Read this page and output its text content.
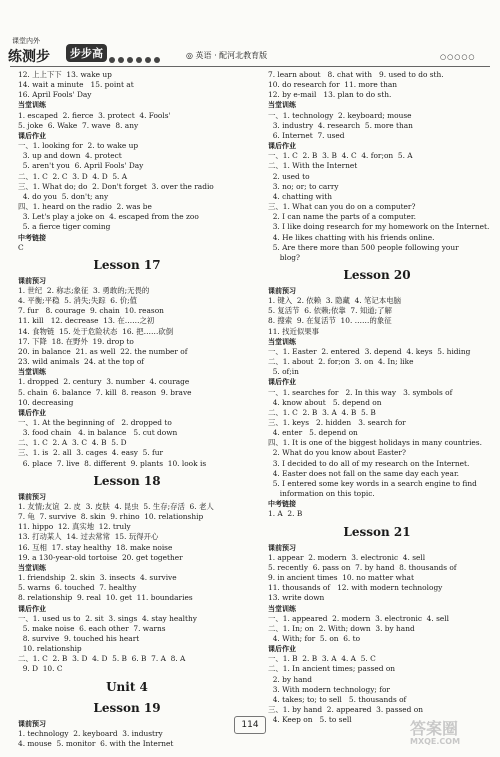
课堂内外
练测步	步步高	◎ 英语 · 配河北教育版	○○○○○
12. 上上下下  13. wake up
14. wait a minute   15. point at
16. April Fools' Day
当堂训练
1. escaped  2. fierce  3. protect  4. Fools'
5. joke  6. Wake  7. wave  8. any
课后作业
一、1. looking for  2. to wake up
3. up and down  4. protect
5. aren't you  6. April Fools' Day
二、1. C  2. C  3. D  4. D  5. A
三、1. What do; do  2. Don't forget  3. over the radio
4. do you  5. don't; any
四、1. heard on the radio  2. was be
3. Let's play a joke on  4. escaped from the zoo
5. a fierce tiger coming
中考链接
C
Lesson 17
课前预习
1. 世纪  2. 称志;象征  3. 勇敢的;无畏的
4. 平衡;平稳  5. 消失;失踪  6. 价;值
7. fur   8. courage  9. chain  10. reason
11. kill   12. decrease  13. 在……之初
14. 食物链  15. 处于危险状态  16. 把……砍倒
17. 下降  18. 在野外  19. drop to
20. in balance  21. as well  22. the number of
23. wild animals  24. at the top of
当堂训练
1. dropped  2. century  3. number  4. courage
5. chain  6. balance  7. kill  8. reason  9. brave
10. decreasing
课后作业
一、1. At the beginning of   2. dropped to
3. food chain   4. in balance   5. cut down
二、1. C  2. A  3. C  4. B  5. D
三、1. is  2. all  3. cages  4. easy  5. fur
6. place  7. live  8. different  9. plants  10. look is
Lesson 18
课前预习
1. 友情;友谊  2. 皮  3. 皮肤  4. 昆虫  5. 生存;存活  6. 老人
7. 龟  7. survive  8. skin  9. rhino  10. relationship
11. hippo  12. 真实地  12. truly
13. 打动某人  14. 过去常常  15. 玩得开心
16. 互相  17. stay healthy  18. make noise
19. a 130-year-old tortoise  20. get together
当堂训练
1. friendship  2. skin  3. insects  4. survive
5. warns  6. touched  7. healthy
8. relationship  9. real  10. get  11. boundaries
课后作业
一、1. used us to  2. sit  3. sings  4. stay healthy
5. make noise  6. each other  7. warns
8. survive  9. touched his heart
10. relationship
二、1. C  2. B  3. D  4. D  5. B  6. B  7. A  8. A
9. D  10. C
Unit 4
Lesson 19
课前预习
1. technology  2. keyboard  3. industry
4. mouse  5. monitor  6. with the Internet
7. learn about   8. chat with   9. used to do sth.
10. do research for  11. more than
12. by e-mail   13. plan to do sth.
当堂训练
一、1. technology  2. keyboard; mouse
3. industry  4. research  5. more than
6. Internet  7. used
课后作业
一、1. C  2. B  3. B  4. C  4. for;on  5. A
二、1. With the Internet
2. used to
3. no; or; to carry
4. chatting with
三、1. What can you do on a computer?
2. I can name the parts of a computer.
3. I like doing research for my homework on the Internet.
4. He likes chatting with his friends online.
5. Are there more than 500 people following your
blog?
Lesson 20
课前预习
1. 键入  2. 依赖  3. 隐藏  4. 笔记本电脑
5. 复活节  6. 依赖;依靠  7. 知道;了解
8. 搜索  9. 在复活节  10. ……的象征
11. 找近似果事
当堂训练
一、1. Easter  2. entered  3. depend  4. keys  5. hiding
二、1. about  2. for;on  3. on  4. In; like
5. of;in
课后作业
一、1. searches for   2. In this way   3. symbols of
4. know about   5. depend on
二、1. C  2. B  3. A  4. B  5. B
三、1. keys   2. hidden   3. search for
4. enter   5. depend on
四、1. It is one of the biggest holidays in many countries.
2. What do you know about Easter?
3. I decided to do all of my research on the Internet.
4. Easter does not fall on the same day each year.
5. I entered some key words in a search engine to find
information on this topic.
中考链接
1. A  2. B
Lesson 21
课前预习
1. appear  2. modern  3. electronic  4. sell
5. recently  6. pass on  7. by hand  8. thousands of
9. in ancient times  10. no matter what
11. thousands of   12. with modern technology
13. write down
当堂训练
一、1. appeared  2. modern  3. electronic  4. sell
二、1. In; on  2. With; down  3. by hand
4. With; for  5. on  6. to
课后作业
一、1. B  2. B  3. A  4. A  5. C
二、1. In ancient times; passed on
2. by hand
3. With modern technology; for
4. takes; to; to sell   5. thousands of
三、1. by hand  2. appeared  3. passed on
4. Keep on   5. to sell
114	答案圈
MXQE.COM
